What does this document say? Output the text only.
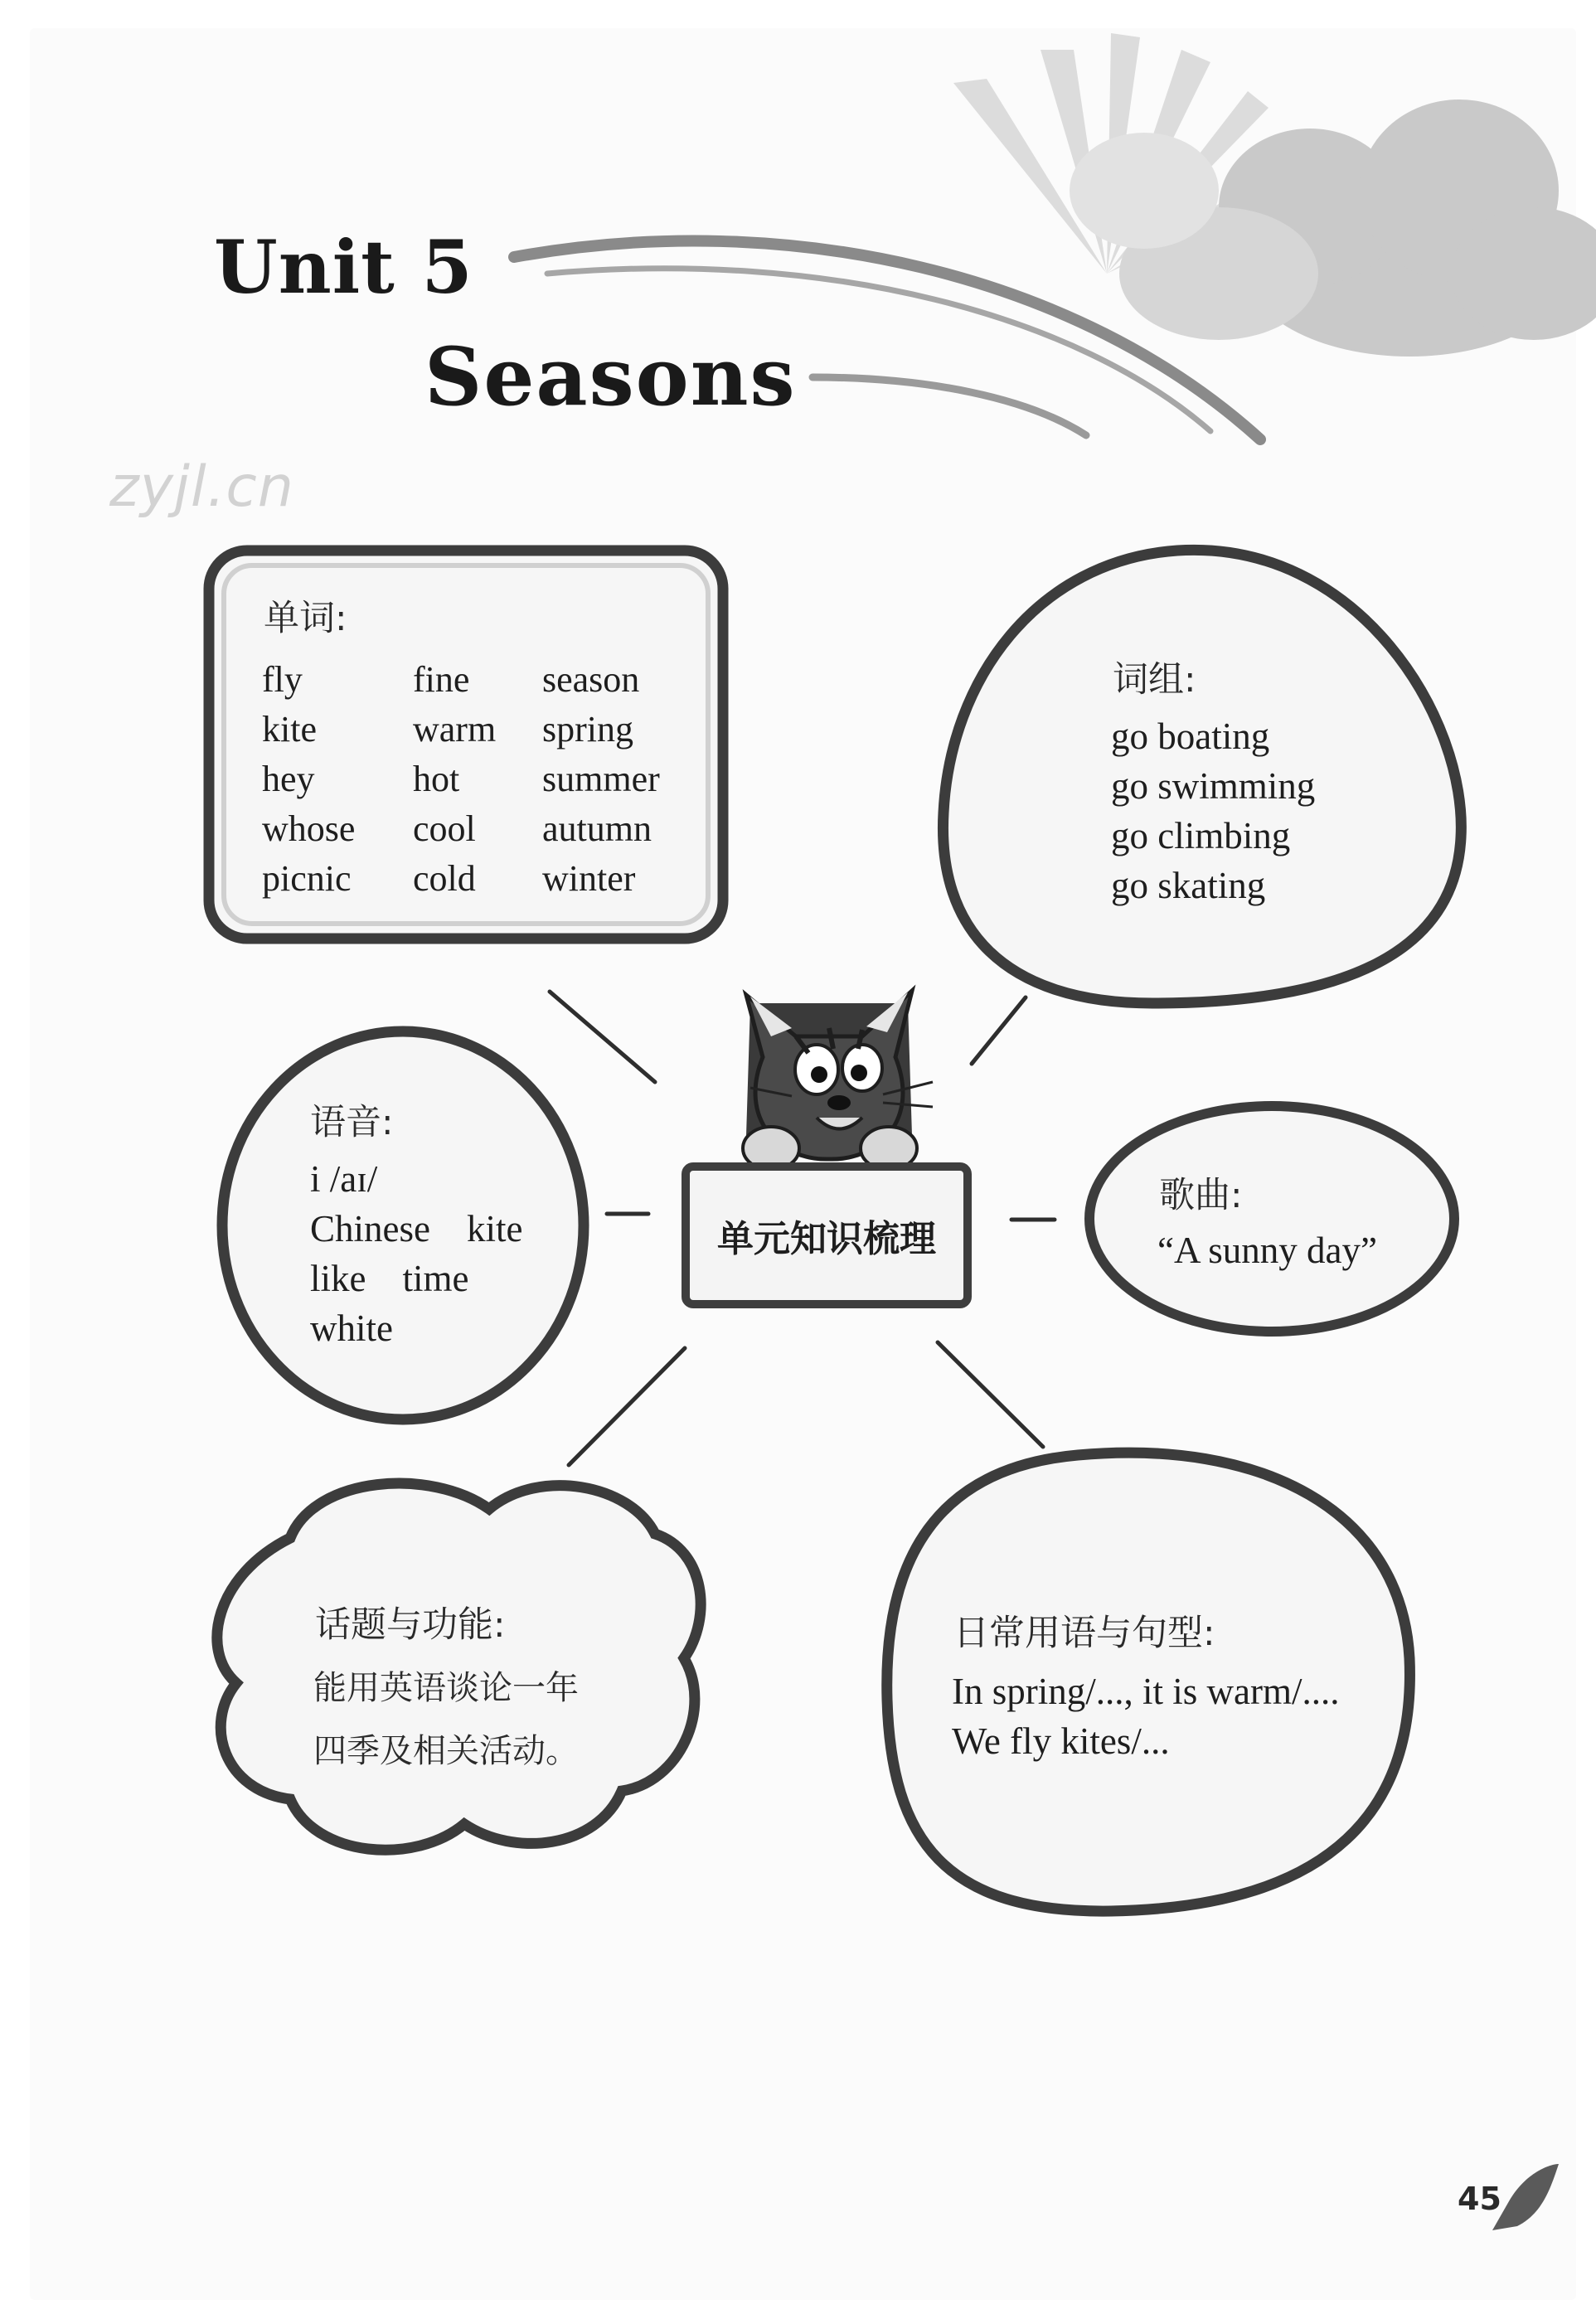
Unit 5
Seasons
zyjl.cn
单词:
fly
kite
hey
whose
picnic
fine
warm
hot
cool
cold
season
spring
summer
autumn
winter
词组:
go boating
go swimming
go climbing
go skating
语音:
i /aɪ/
Chinese kite
like time
white
单元知识梳理
歌曲:
“A sunny day”
话题与功能:
能用英语谈论一年
四季及相关活动。
日常用语与句型:
In spring/..., it is warm/....
We fly kites/...
45
